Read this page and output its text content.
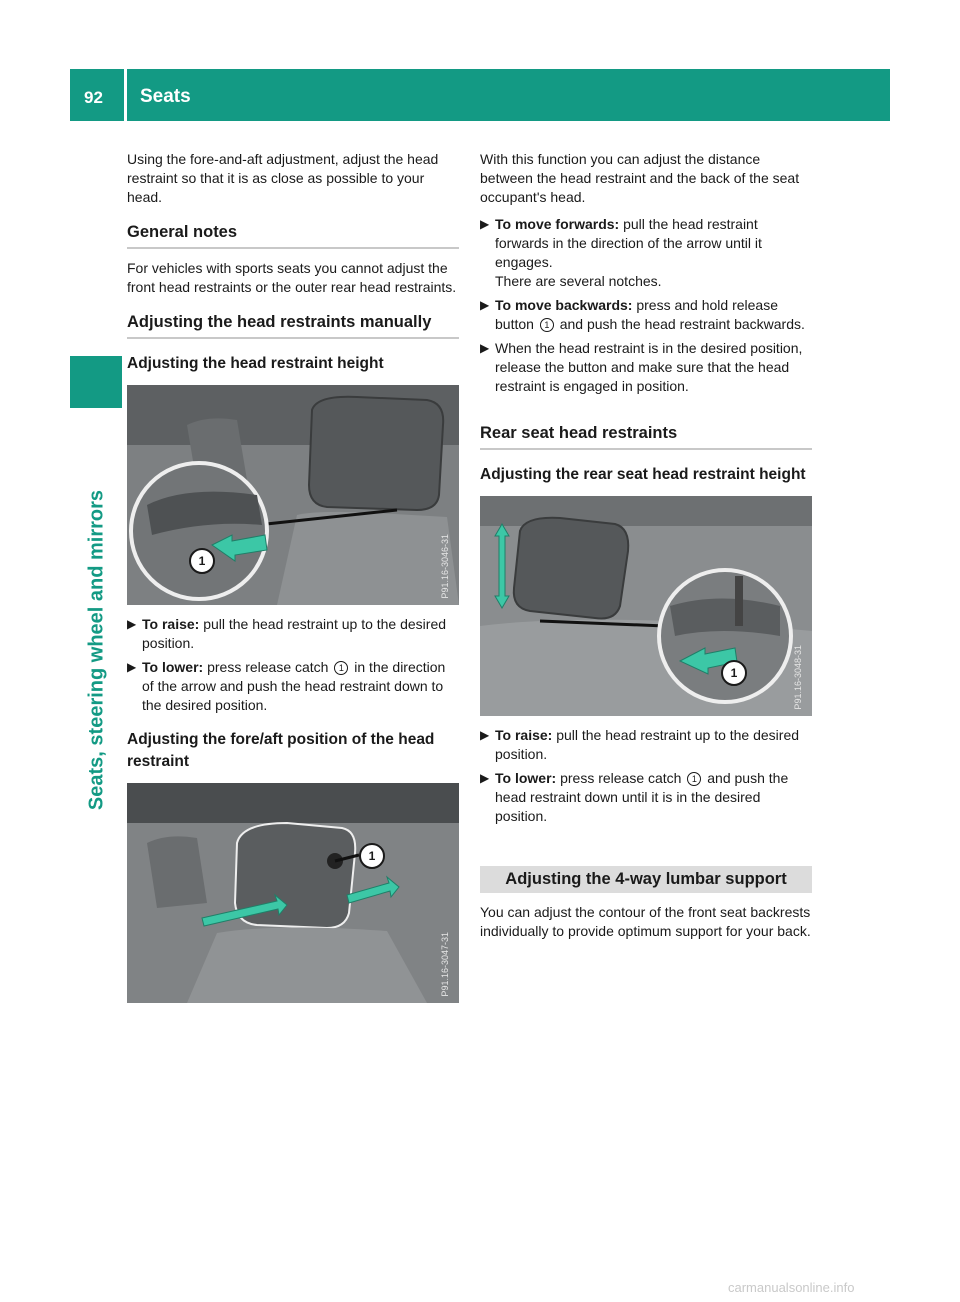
92 Seats
Seats, steering wheel and mirrors

Using the fore-and-aft adjustment, adjust the head restraint so that it is as close as possible to your head.

General notes

For vehicles with sports seats you cannot adjust the front head restraints or the outer rear head restraints.

Adjusting the head restraints manually
Adjusting the head restraint height
1	P91.16-3046-31
▶ To raise: pull the head restraint up to the desired position.
▶ To lower: press release catch 1 in the direction of the arrow and push the head restraint down to the desired position.
Adjusting the fore/aft position of the head restraint
1
P91.16-3047-31

With this function you can adjust the distance between the head restraint and the back of the seat occupant's head.

▶ To move forwards: pull the head restraint forwards in the direction of the arrow until it engages.
There are several notches.
▶ To move backwards: press and hold release button 1 and push the head restraint backwards.
▶ When the head restraint is in the desired position, release the button and make sure that the head restraint is engaged in position.
Rear seat head restraints
Adjusting the rear seat head restraint height
1	P91.16-3048-31
▶ To raise: pull the head restraint up to the desired position.
▶ To lower: press release catch 1 and push the head restraint down until it is in the desired position.
Adjusting the 4-way lumbar support

You can adjust the contour of the front seat backrests individually to provide optimum support for your back.

carmanualsonline.info
